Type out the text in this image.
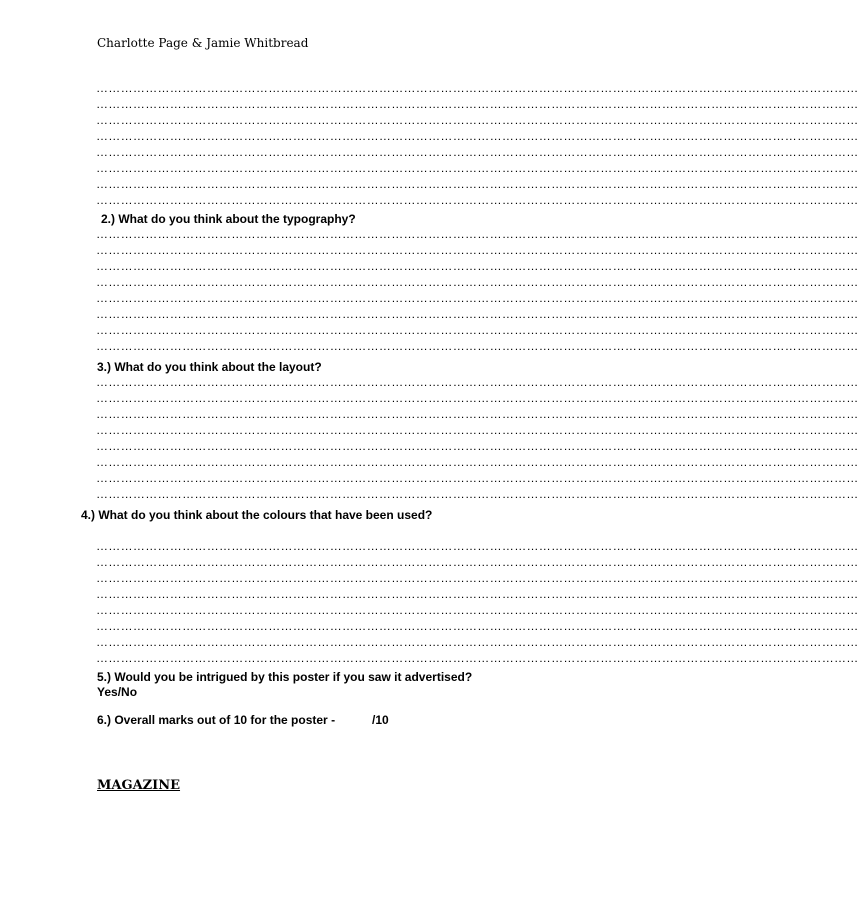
Charlotte Page & Jamie Whitbread
……………………………………………………………………………………………………………………………………………………………………
……………………………………………………………………………………………………………………………………………………………………
……………………………………………………………………………………………………………………………………………………………………
……………………………………………………………………………………………………………………………………………………………………
……………………………………………………………………………………………………………………………………………………………………
……………………………………………………………………………………………………………………………………………………………………
……………………………………………………………………………………………………………………………………………………………………
……………………………………………………………………………………………………………………………………………………………………
2.) What do you think about the typography?
……………………………………………………………………………………………………………………………………………………………………
……………………………………………………………………………………………………………………………………………………………………
……………………………………………………………………………………………………………………………………………………………………
……………………………………………………………………………………………………………………………………………………………………
……………………………………………………………………………………………………………………………………………………………………
……………………………………………………………………………………………………………………………………………………………………
……………………………………………………………………………………………………………………………………………………………………
……………………………………………………………………………………………………………………………………………………………………
3.) What do you think about the layout?
……………………………………………………………………………………………………………………………………………………………………
……………………………………………………………………………………………………………………………………………………………………
……………………………………………………………………………………………………………………………………………………………………
……………………………………………………………………………………………………………………………………………………………………
……………………………………………………………………………………………………………………………………………………………………
……………………………………………………………………………………………………………………………………………………………………
……………………………………………………………………………………………………………………………………………………………………
……………………………………………………………………………………………………………………………………………………………………
4.) What do you think about the colours that have been used?
……………………………………………………………………………………………………………………………………………………………………
……………………………………………………………………………………………………………………………………………………………………
……………………………………………………………………………………………………………………………………………………………………
……………………………………………………………………………………………………………………………………………………………………
……………………………………………………………………………………………………………………………………………………………………
……………………………………………………………………………………………………………………………………………………………………
……………………………………………………………………………………………………………………………………………………………………
……………………………………………………………………………………………………………………………………………………………………
5.) Would you be intrigued by this poster if you saw it advertised?
Yes/No
6.) Overall marks out of 10 for the poster -	/10
MAGAZINE
